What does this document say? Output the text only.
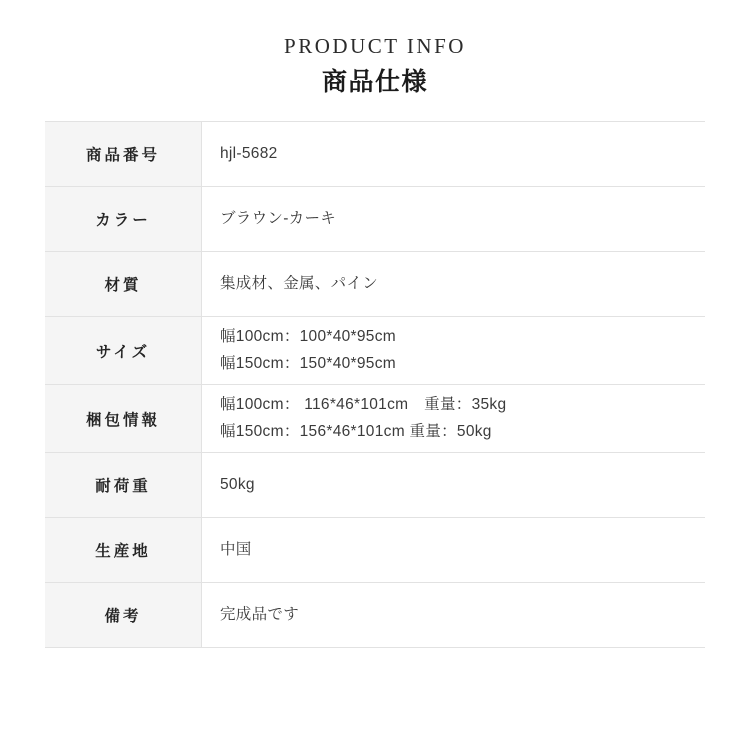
PRODUCT INFO
商品仕様
商品番号	hjl-5682

カラー	ブラウン‐カーキ

材質	集成材、金属、パイン

サイズ	幅100cm：100*40*95cm
幅150cm：150*40*95cm

梱包情報	幅100cm： 116*46*101cm　重量：35kg
幅150cm：156*46*101cm 重量：50kg

耐荷重	50kg

生産地	中国

備考	完成品です
